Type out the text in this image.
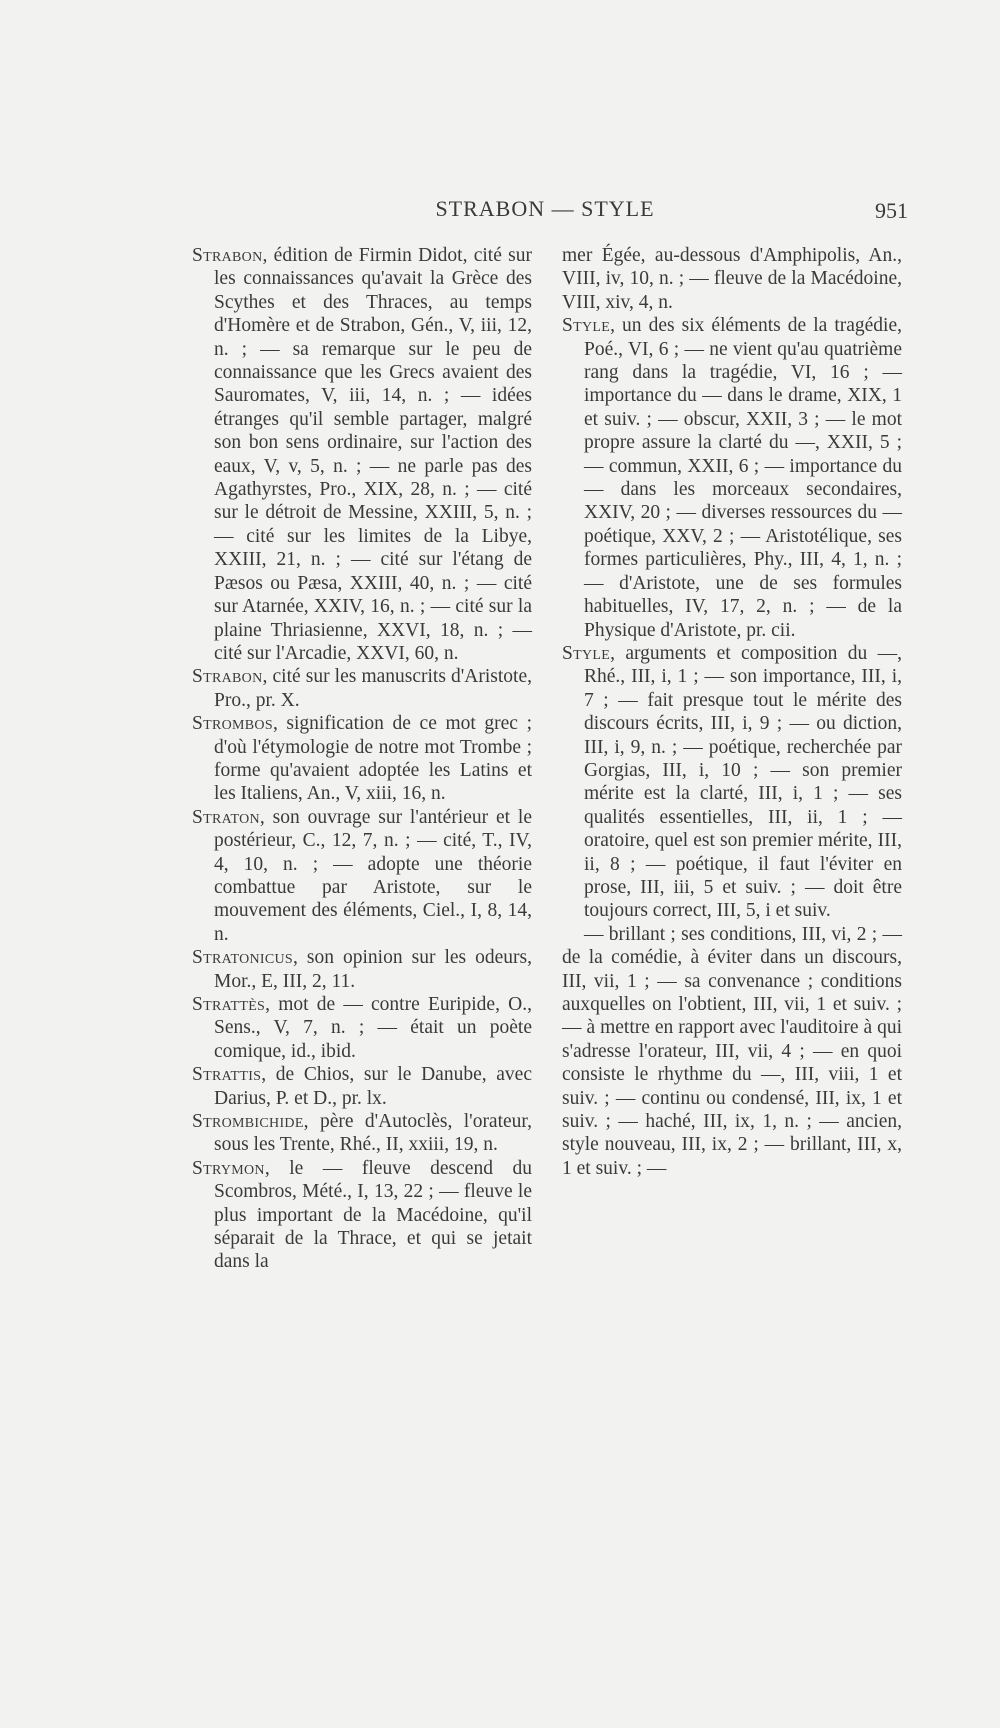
STRABON — STYLE	951

Strabon, édition de Firmin Didot, cité sur les connaissances qu'avait la Grèce des Scythes et des Thraces, au temps d'Homère et de Strabon, Gén., V, iii, 12, n. ; — sa remarque sur le peu de connaissance que les Grecs avaient des Sauromates, V, iii, 14, n. ; — idées étranges qu'il semble partager, malgré son bon sens ordinaire, sur l'action des eaux, V, v, 5, n. ; — ne parle pas des Agathyrstes, Pro., XIX, 28, n. ; — cité sur le détroit de Messine, XXIII, 5, n. ; — cité sur les limites de la Libye, XXIII, 21, n. ; — cité sur l'étang de Pæsos ou Pæsa, XXIII, 40, n. ; — cité sur Atarnée, XXIV, 16, n. ; — cité sur la plaine Thriasienne, XXVI, 18, n. ; — cité sur l'Arcadie, XXVI, 60, n.

Strabon, cité sur les manuscrits d'Aristote, Pro., pr. X.

Strombos, signification de ce mot grec ; d'où l'étymologie de notre mot Trombe ; forme qu'avaient adoptée les Latins et les Italiens, An., V, xiii, 16, n.

Straton, son ouvrage sur l'antérieur et le postérieur, C., 12, 7, n. ; — cité, T., IV, 4, 10, n. ; — adopte une théorie combattue par Aristote, sur le mouvement des éléments, Ciel., I, 8, 14, n.

Stratonicus, son opinion sur les odeurs, Mor., E, III, 2, 11.

Strattès, mot de — contre Euripide, O., Sens., V, 7, n. ; — était un poète comique, id., ibid.

Strattis, de Chios, sur le Danube, avec Darius, P. et D., pr. lx.

Strombichide, père d'Autoclès, l'orateur, sous les Trente, Rhé., II, xxiii, 19, n.

Strymon, le — fleuve descend du Scombros, Mété., I, 13, 22 ; — fleuve le plus important de la Macédoine, qu'il séparait de la Thrace, et qui se jetait dans la

mer Égée, au-dessous d'Amphipolis, An., VIII, iv, 10, n. ; — fleuve de la Macédoine, VIII, xiv, 4, n.

Style, un des six éléments de la tragédie, Poé., VI, 6 ; — ne vient qu'au quatrième rang dans la tragédie, VI, 16 ; — importance du — dans le drame, XIX, 1 et suiv. ; — obscur, XXII, 3 ; — le mot propre assure la clarté du —, XXII, 5 ; — commun, XXII, 6 ; — importance du — dans les morceaux secondaires, XXIV, 20 ; — diverses ressources du — poétique, XXV, 2 ; — Aristotélique, ses formes particulières, Phy., III, 4, 1, n. ; — d'Aristote, une de ses formules habituelles, IV, 17, 2, n. ; — de la Physique d'Aristote, pr. cii.

Style, arguments et composition du —, Rhé., III, i, 1 ; — son importance, III, i, 7 ; — fait presque tout le mérite des discours écrits, III, i, 9 ; — ou diction, III, i, 9, n. ; — poétique, recherchée par Gorgias, III, i, 10 ; — son premier mérite est la clarté, III, i, 1 ; — ses qualités essentielles, III, ii, 1 ; — oratoire, quel est son premier mérite, III, ii, 8 ; — poétique, il faut l'éviter en prose, III, iii, 5 et suiv. ; — doit être toujours correct, III, 5, i et suiv.

— brillant ; ses conditions, III, vi, 2 ; — de la comédie, à éviter dans un discours, III, vii, 1 ; — sa convenance ; conditions auxquelles on l'obtient, III, vii, 1 et suiv. ; — à mettre en rapport avec l'auditoire à qui s'adresse l'orateur, III, vii, 4 ; — en quoi consiste le rhythme du —, III, viii, 1 et suiv. ; — continu ou condensé, III, ix, 1 et suiv. ; — haché, III, ix, 1, n. ; — ancien, style nouveau, III, ix, 2 ; — brillant, III, x, 1 et suiv. ; —
